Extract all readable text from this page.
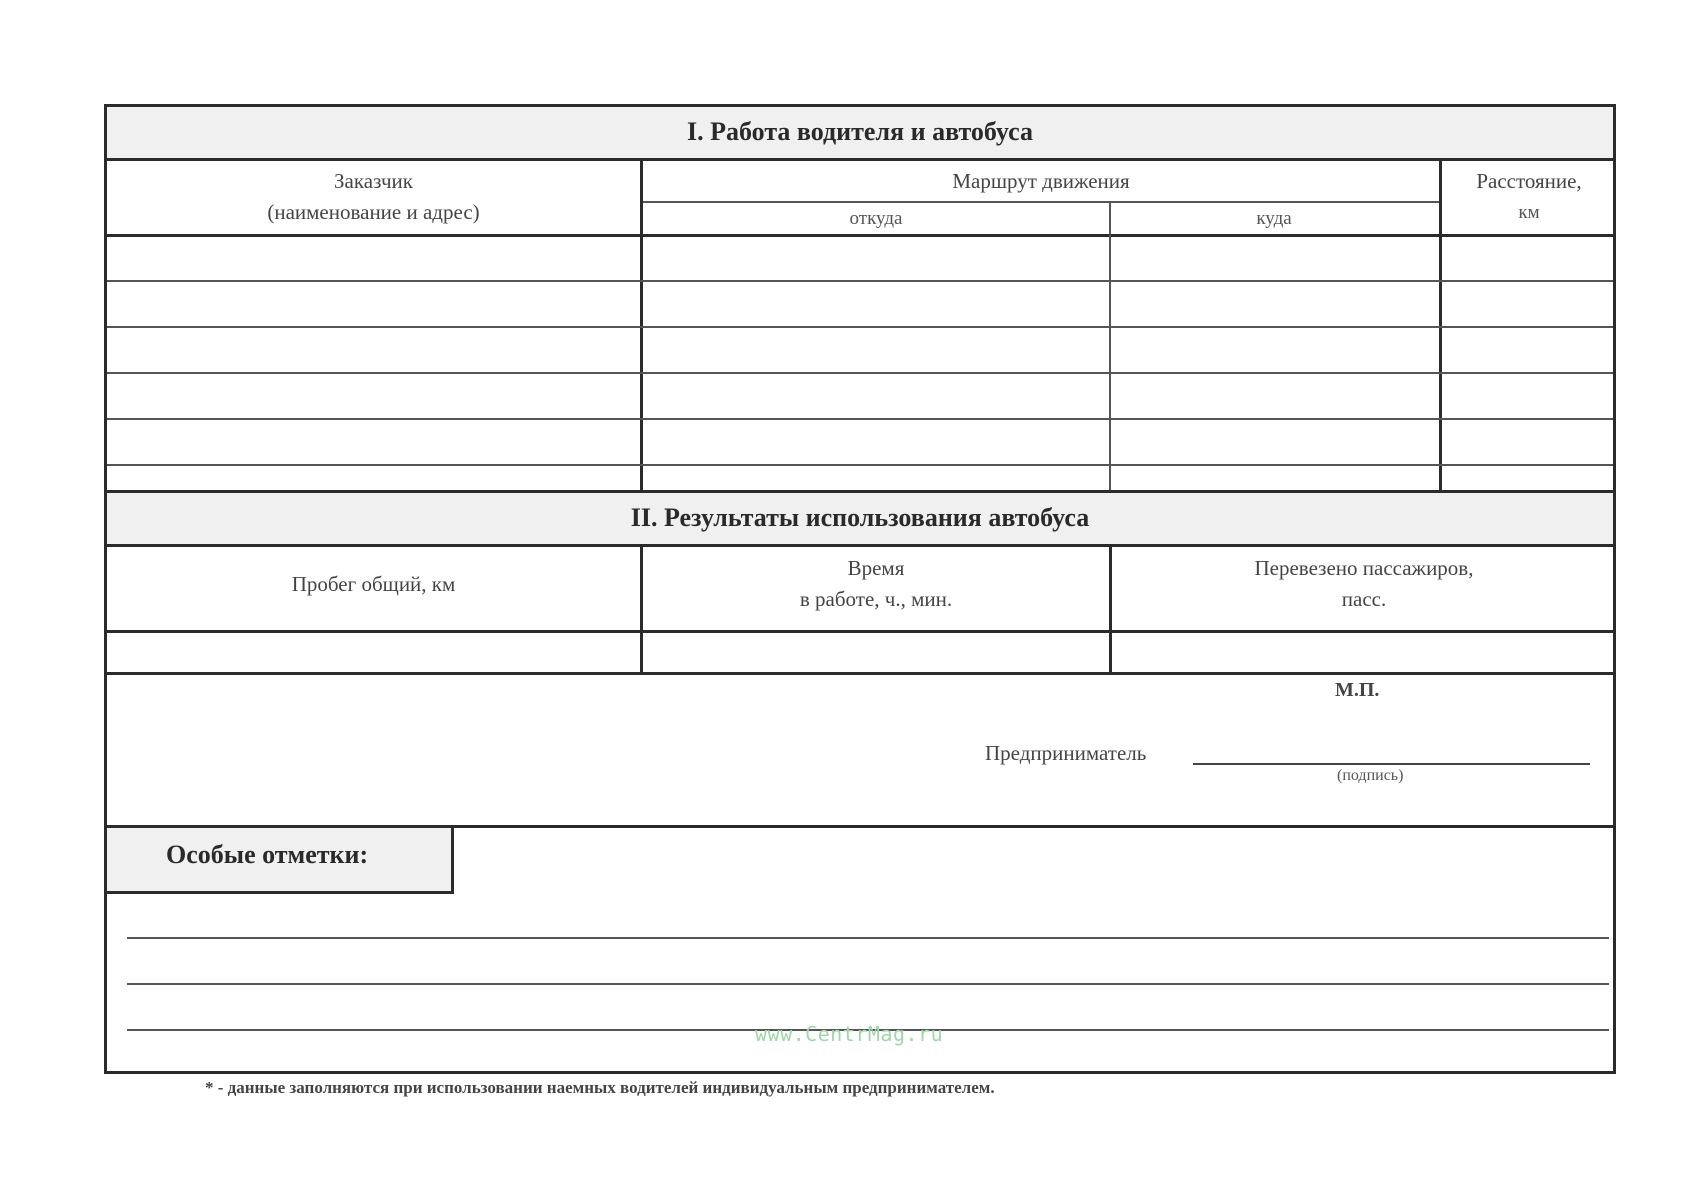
I. Работа водителя и автобуса
Заказчик
(наименование и адрес)
Маршрут движения
откуда	куда
Расстояние,
км
II. Результаты использования автобуса
Пробег общий, км
Время
в работе, ч., мин.
Перевезено пассажиров,
пасс.
М.П.
Предприниматель
(подпись)
Особые отметки:
www.CentrMag.ru
* - данные заполняются при использовании наемных водителей индивидуальным предпринимателем.
